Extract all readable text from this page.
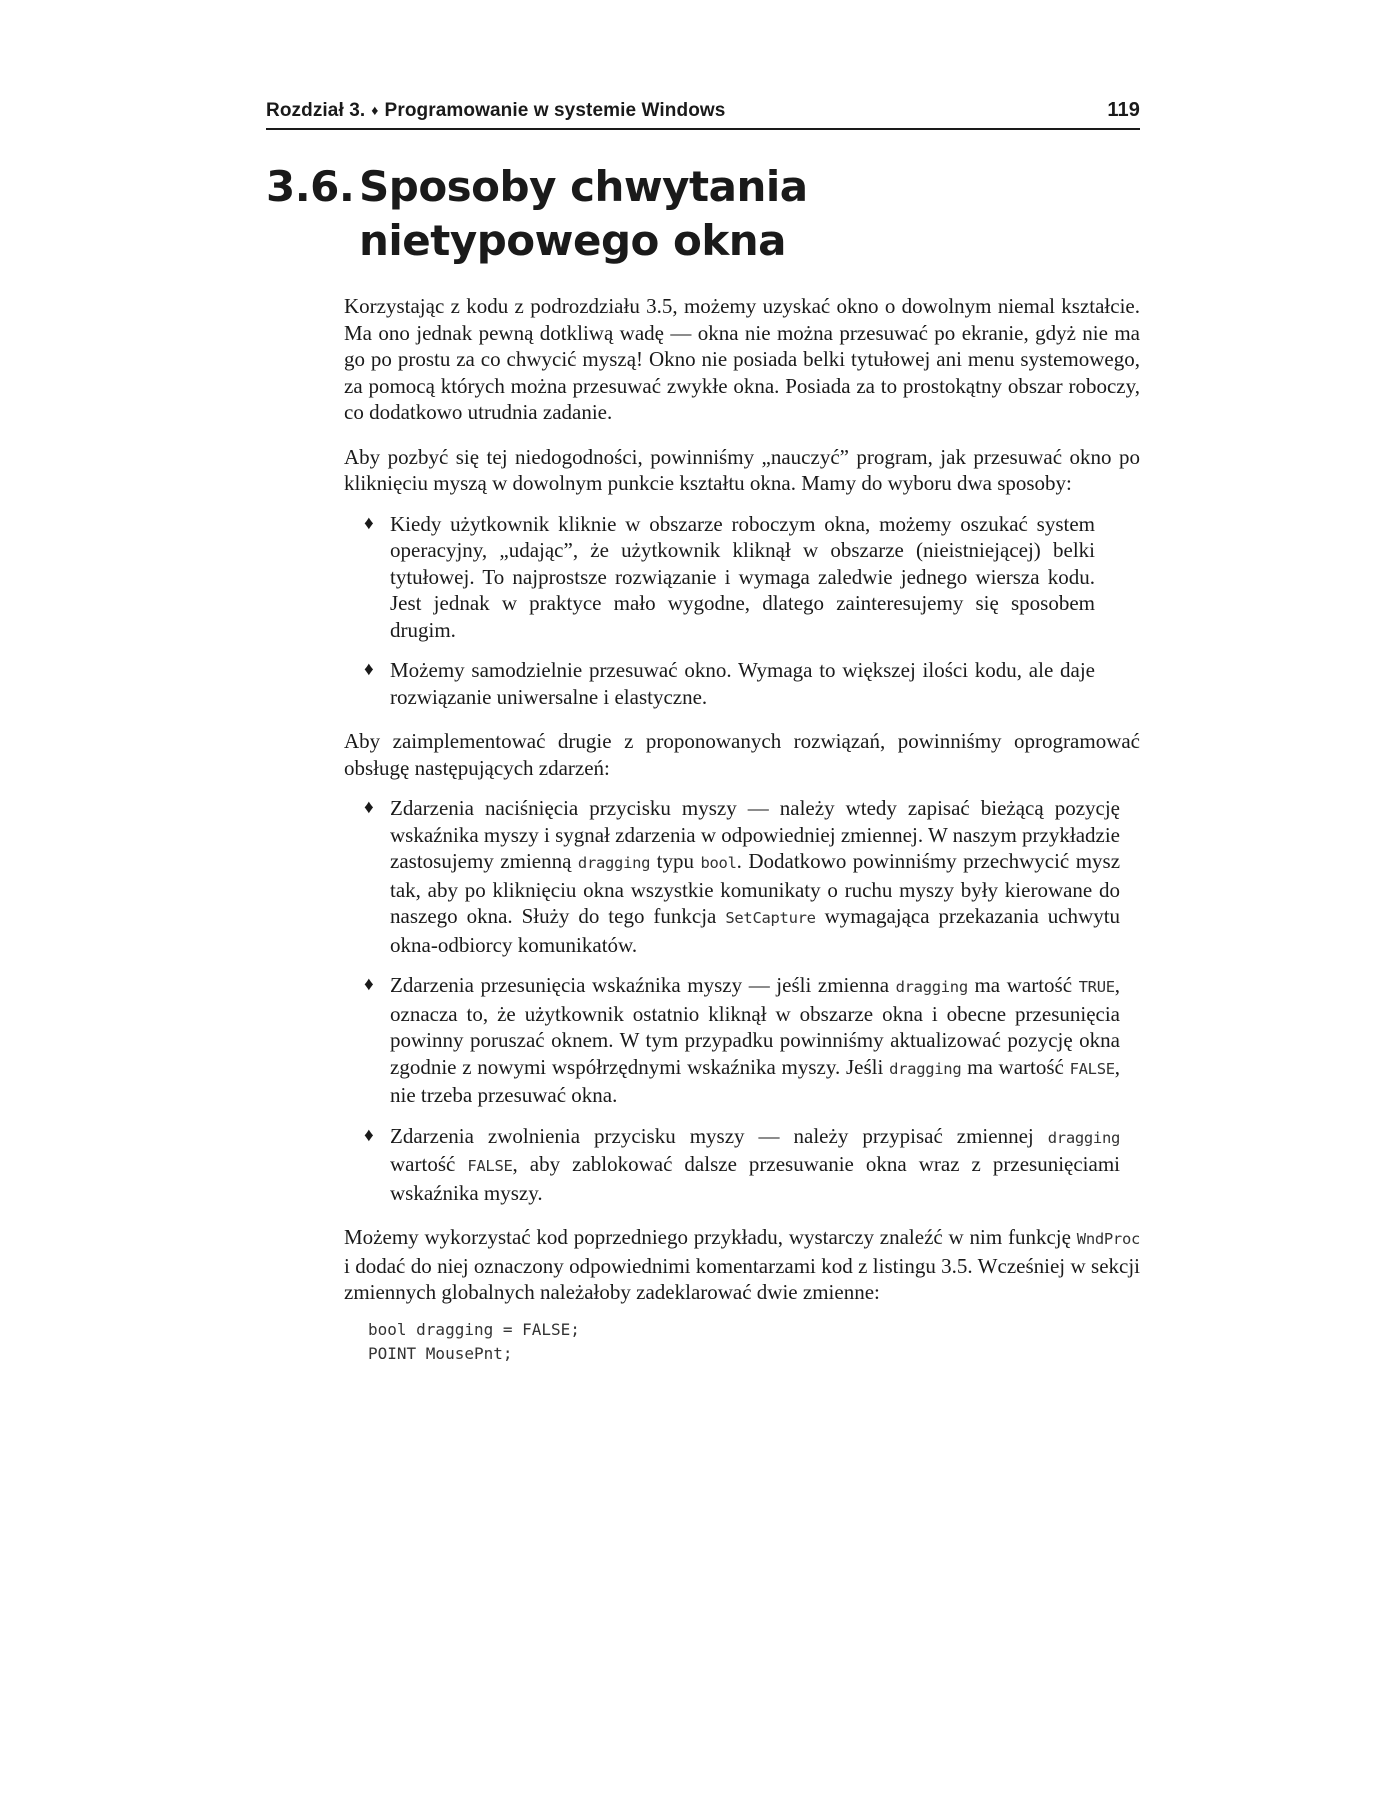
Rozdział 3. ♦ Programowanie w systemie Windows	119
3.6. Sposoby chwytania
nietypowego okna

Korzystając z kodu z podrozdziału 3.5, możemy uzyskać okno o dowolnym niemal kształcie. Ma ono jednak pewną dotkliwą wadę — okna nie można przesuwać po ekranie, gdyż nie ma go po prostu za co chwycić myszą! Okno nie posiada belki tytułowej ani menu systemowego, za pomocą których można przesuwać zwykłe okna. Posiada za to prostokątny obszar roboczy, co dodatkowo utrudnia zadanie.

Aby pozbyć się tej niedogodności, powinniśmy „nauczyć” program, jak przesuwać okno po kliknięciu myszą w dowolnym punkcie kształtu okna. Mamy do wyboru dwa sposoby:

♦ Kiedy użytkownik kliknie w obszarze roboczym okna, możemy oszukać system operacyjny, „udając”, że użytkownik kliknął w obszarze (nieistniejącej) belki tytułowej. To najprostsze rozwiązanie i wymaga zaledwie jednego wiersza kodu. Jest jednak w praktyce mało wygodne, dlatego zainteresujemy się sposobem drugim.
♦ Możemy samodzielnie przesuwać okno. Wymaga to większej ilości kodu, ale daje rozwiązanie uniwersalne i elastyczne.

Aby zaimplementować drugie z proponowanych rozwiązań, powinniśmy oprogramować obsługę następujących zdarzeń:

♦ Zdarzenia naciśnięcia przycisku myszy — należy wtedy zapisać bieżącą pozycję wskaźnika myszy i sygnał zdarzenia w odpowiedniej zmiennej. W naszym przykładzie zastosujemy zmienną dragging typu bool. Dodatkowo powinniśmy przechwycić mysz tak, aby po kliknięciu okna wszystkie komunikaty o ruchu myszy były kierowane do naszego okna. Służy do tego funkcja SetCapture wymagająca przekazania uchwytu okna-odbiorcy komunikatów.
♦ Zdarzenia przesunięcia wskaźnika myszy — jeśli zmienna dragging ma wartość TRUE, oznacza to, że użytkownik ostatnio kliknął w obszarze okna i obecne przesunięcia powinny poruszać oknem. W tym przypadku powinniśmy aktualizować pozycję okna zgodnie z nowymi współrzędnymi wskaźnika myszy. Jeśli dragging ma wartość FALSE, nie trzeba przesuwać okna.
♦ Zdarzenia zwolnienia przycisku myszy — należy przypisać zmiennej dragging wartość FALSE, aby zablokować dalsze przesuwanie okna wraz z przesunięciami wskaźnika myszy.

Możemy wykorzystać kod poprzedniego przykładu, wystarczy znaleźć w nim funkcję WndProc i dodać do niej oznaczony odpowiednimi komentarzami kod z listingu 3.5. Wcześniej w sekcji zmiennych globalnych należałoby zadeklarować dwie zmienne:

bool dragging = FALSE;
POINT MousePnt;
